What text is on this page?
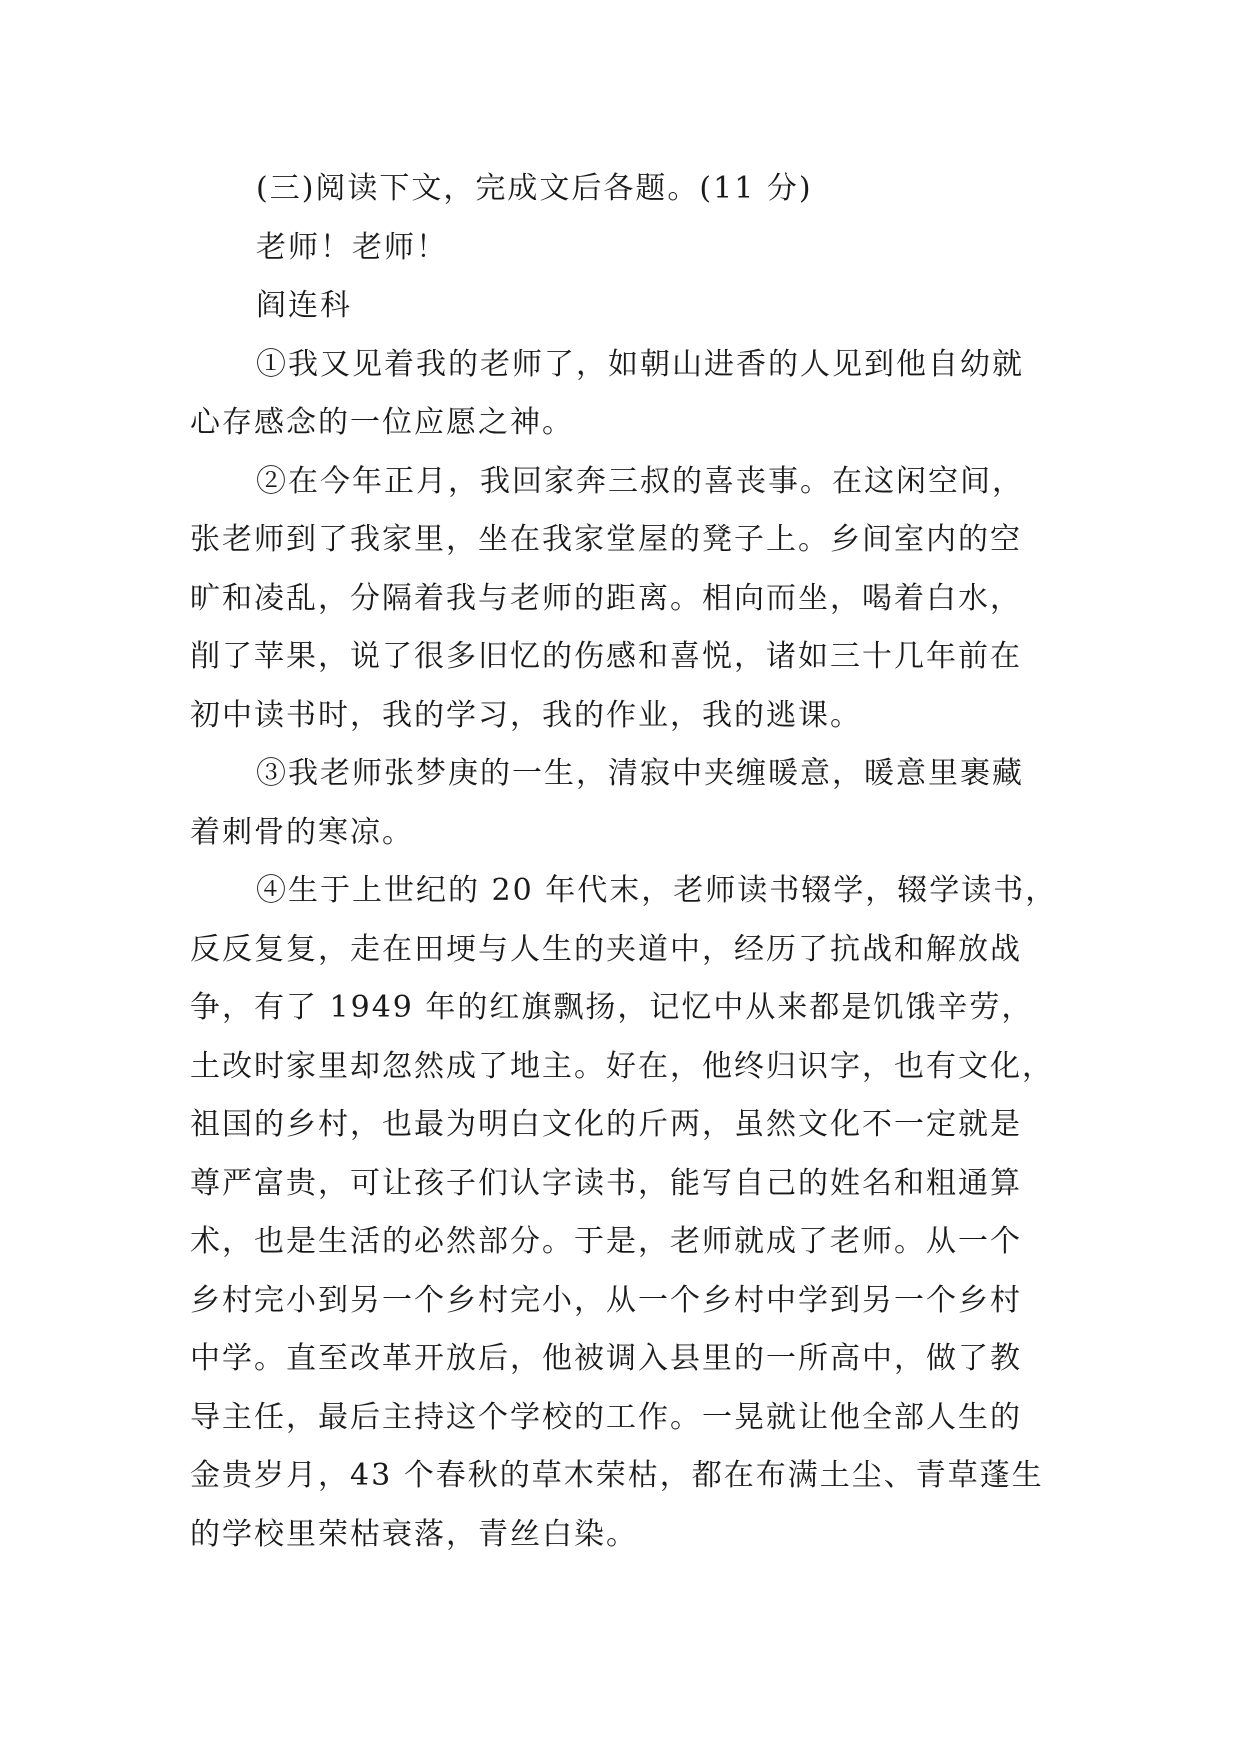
(三)阅读下文，完成文后各题。(11 分)

老师！老师！

阎连科

①我又见着我的老师了，如朝山进香的人见到他自幼就

心存感念的一位应愿之神。

②在今年正月，我回家奔三叔的喜丧事。在这闲空间，

张老师到了我家里，坐在我家堂屋的凳子上。乡间室内的空

旷和凌乱，分隔着我与老师的距离。相向而坐，喝着白水，

削了苹果，说了很多旧忆的伤感和喜悦，诸如三十几年前在

初中读书时，我的学习，我的作业，我的逃课。

③我老师张梦庚的一生，清寂中夹缠暖意，暖意里裹藏

着刺骨的寒凉。

④生于上世纪的 20 年代末，老师读书辍学，辍学读书，

反反复复，走在田埂与人生的夹道中，经历了抗战和解放战

争，有了 1949 年的红旗飘扬，记忆中从来都是饥饿辛劳，

土改时家里却忽然成了地主。好在，他终归识字，也有文化，

祖国的乡村，也最为明白文化的斤两，虽然文化不一定就是

尊严富贵，可让孩子们认字读书，能写自己的姓名和粗通算

术，也是生活的必然部分。于是，老师就成了老师。从一个

乡村完小到另一个乡村完小，从一个乡村中学到另一个乡村

中学。直至改革开放后，他被调入县里的一所高中，做了教

导主任，最后主持这个学校的工作。一晃就让他全部人生的

金贵岁月，43 个春秋的草木荣枯，都在布满土尘、青草蓬生

的学校里荣枯衰落，青丝白染。
